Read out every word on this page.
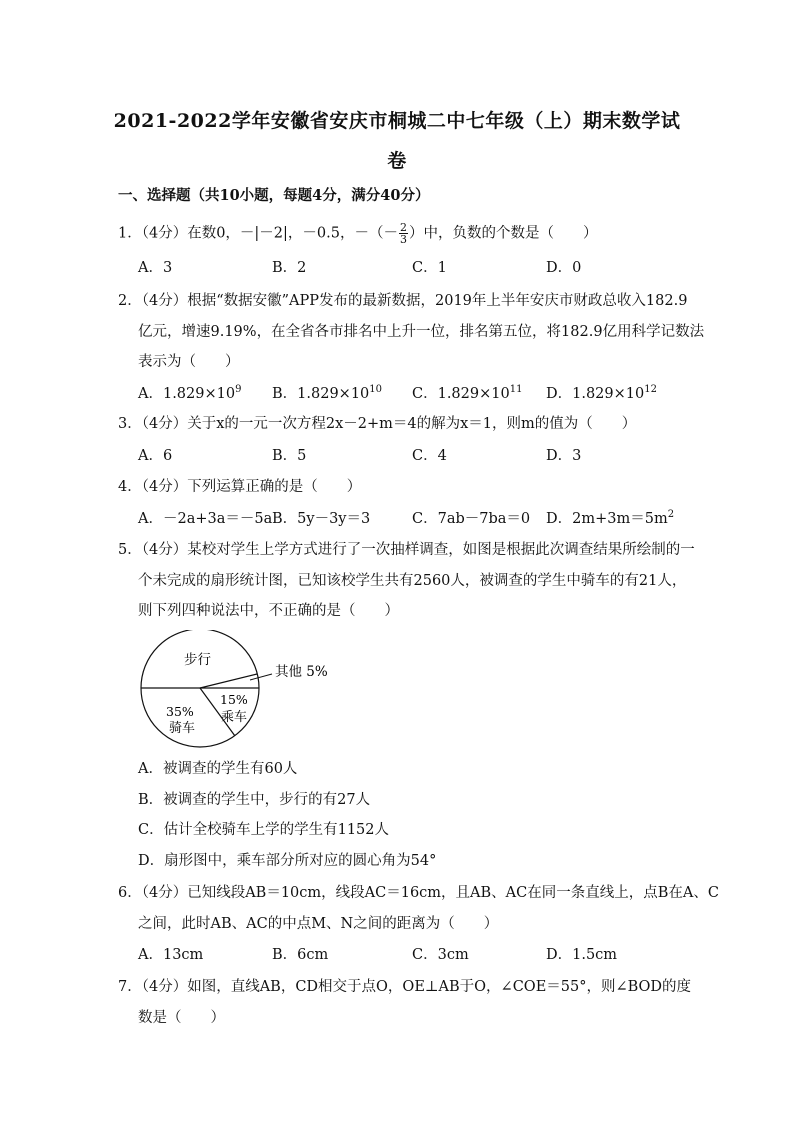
2021-2022学年安徽省安庆市桐城二中七年级（上）期末数学试
卷
一、选择题（共10小题，每题4分，满分40分）
1．（4分）在数0，－|－2|，－0.5，－（－ $\frac{2}{3}$ ）中，负数的个数是（　　）
A．3	B．2	C．1	D．0
2．（4分）根据“数据安徽”APP发布的最新数据，2019年上半年安庆市财政总收入182.9
亿元，增速9.19%，在全省各市排名中上升一位，排名第五位，将182.9亿用科学记数法
表示为（　　）
A．$1.829\times 10^9$ B．$1.829\times 10^{10}$ C．$1.829\times 10^{11}$ D．$1.829\times 10^{12}$
3．（4分）关于x的一元一次方程2x－2+m＝4的解为x＝1，则m的值为（　　）
A．6	B．5	C．4	D．3
4．（4分）下列运算正确的是（　　）
A．－2a+3a＝－5a B．5y－3y＝3	C．7ab－7ba＝0 D．$2m+3m=5m^2$
5．（4分）某校对学生上学方式进行了一次抽样调查，如图是根据此次调查结果所绘制的一
个未完成的扇形统计图，已知该校学生共有2560人，被调查的学生中骑车的有21人，
则下列四种说法中，不正确的是（　　）
步行
其他 5%
15%
乘车
35%
骑车
A．被调查的学生有60人
B．被调查的学生中，步行的有27人
C．估计全校骑车上学的学生有1152人
D．扇形图中，乘车部分所对应的圆心角为54°
6．（4分）已知线段AB＝10cm，线段AC＝16cm，且AB、AC在同一条直线上，点B在A、C
之间，此时AB、AC的中点M、N之间的距离为（　　）
A．13cm	B．6cm	C．3cm	D．1.5cm
7．（4分）如图，直线AB，CD相交于点O，OE⊥AB于O，∠COE＝55°，则∠BOD的度
数是（　　）
